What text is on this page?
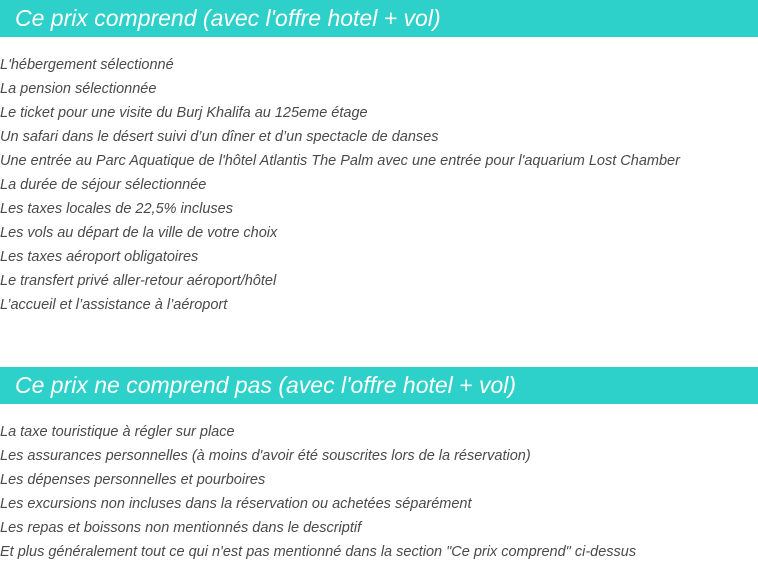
Ce prix comprend (avec l'offre hotel + vol)
L'hébergement sélectionné
La pension sélectionnée
Le ticket pour une visite du Burj Khalifa au 125eme étage
Un safari dans le désert suivi d’un dîner et d’un spectacle de danses
Une entrée au Parc Aquatique de l'hôtel Atlantis The Palm avec une entrée pour l'aquarium Lost Chamber
La durée de séjour sélectionnée
Les taxes locales de 22,5% incluses
Les vols au départ de la ville de votre choix
Les taxes aéroport obligatoires
Le transfert privé aller-retour aéroport/hôtel
L’accueil et l’assistance à l’aéroport
Ce prix ne comprend pas (avec l'offre hotel + vol)
La taxe touristique à régler sur place
Les assurances personnelles (à moins d'avoir été souscrites lors de la réservation)
Les dépenses personnelles et pourboires
Les excursions non incluses dans la réservation ou achetées séparément
Les repas et boissons non mentionnés dans le descriptif
Et plus généralement tout ce qui n'est pas mentionné dans la section "Ce prix comprend" ci-dessus
